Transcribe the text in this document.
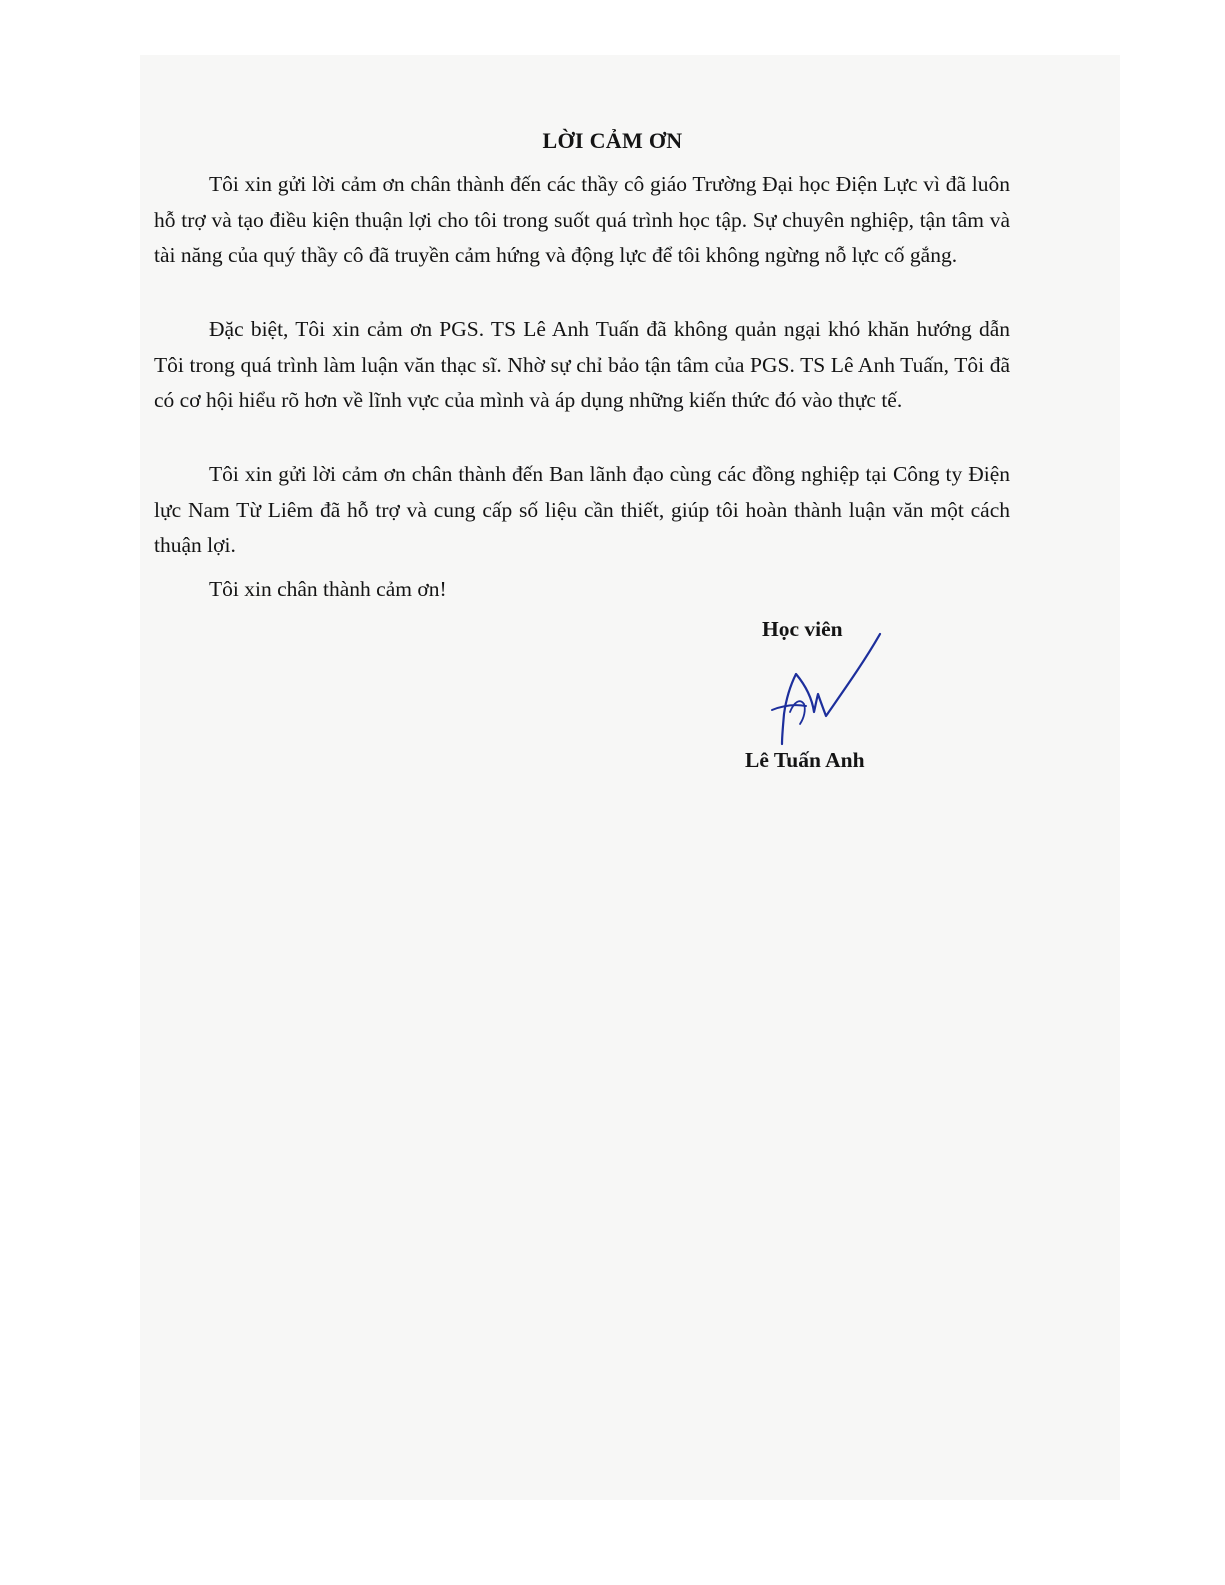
LỜI CẢM ƠN

Tôi xin gửi lời cảm ơn chân thành đến các thầy cô giáo Trường Đại học Điện Lực vì đã luôn hỗ trợ và tạo điều kiện thuận lợi cho tôi trong suốt quá trình học tập. Sự chuyên nghiệp, tận tâm và tài năng của quý thầy cô đã truyền cảm hứng và động lực để tôi không ngừng nỗ lực cố gắng.

Đặc biệt, Tôi xin cảm ơn PGS. TS Lê Anh Tuấn đã không quản ngại khó khăn hướng dẫn Tôi trong quá trình làm luận văn thạc sĩ. Nhờ sự chỉ bảo tận tâm của PGS. TS Lê Anh Tuấn, Tôi đã có cơ hội hiểu rõ hơn về lĩnh vực của mình và áp dụng những kiến thức đó vào thực tế.

Tôi xin gửi lời cảm ơn chân thành đến Ban lãnh đạo cùng các đồng nghiệp tại Công ty Điện lực Nam Từ Liêm đã hỗ trợ và cung cấp số liệu cần thiết, giúp tôi hoàn thành luận văn một cách thuận lợi.

Tôi xin chân thành cảm ơn!

Học viên
Lê Tuấn Anh
